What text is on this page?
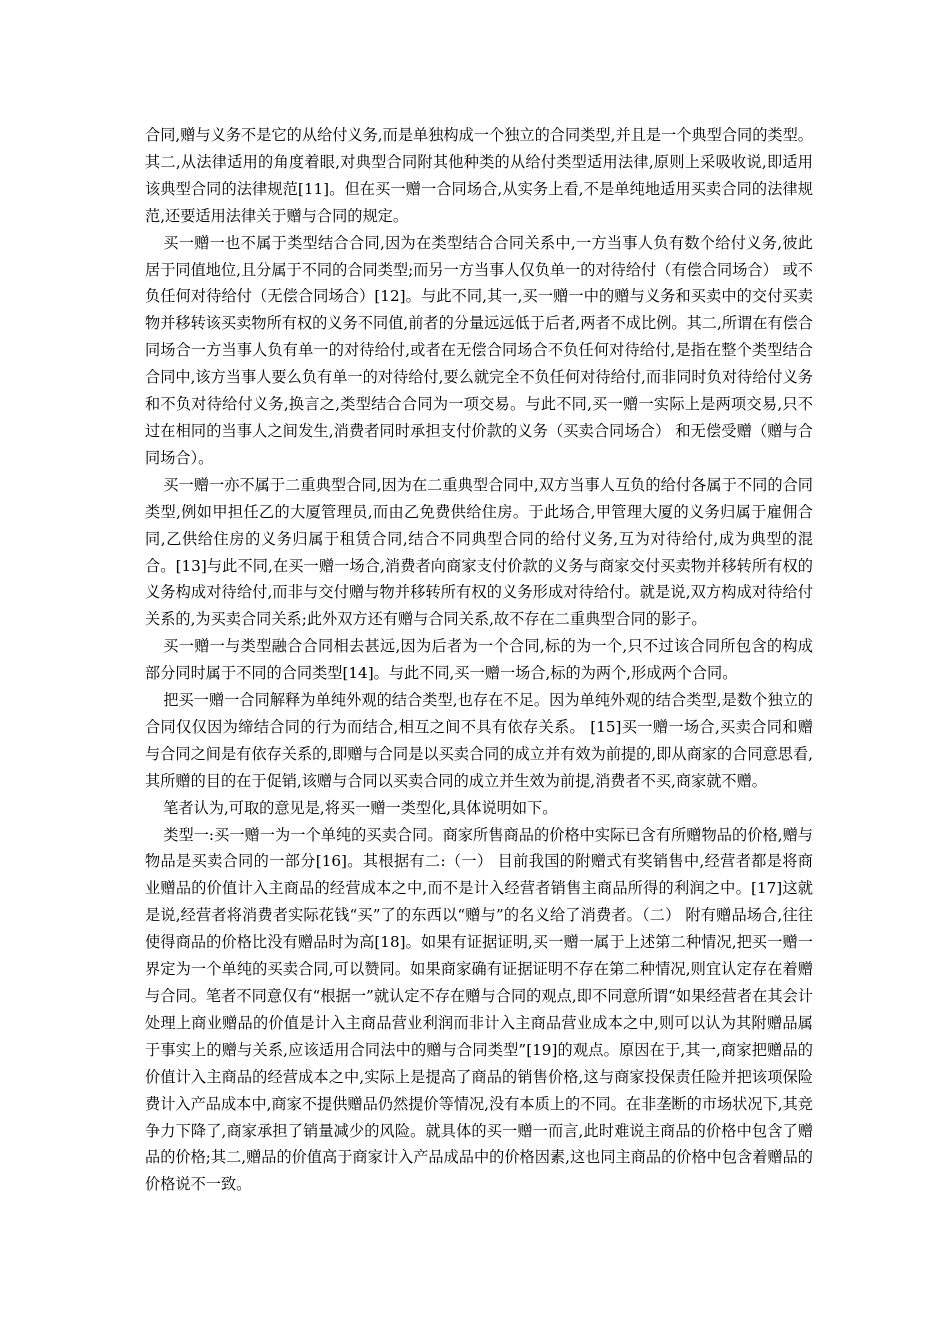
合同,赠与义务不是它的从给付义务,而是单独构成一个独立的合同类型,并且是一个典型合同的类型。其二,从法律适用的角度着眼,对典型合同附其他种类的从给付类型适用法律,原则上采吸收说,即适用该典型合同的法律规范[11]。但在买一赠一合同场合,从实务上看,不是单纯地适用买卖合同的法律规范,还要适用法律关于赠与合同的规定。

买一赠一也不属于类型结合合同,因为在类型结合合同关系中,一方当事人负有数个给付义务,彼此居于同值地位,且分属于不同的合同类型;而另一方当事人仅负单一的对待给付（有偿合同场合） 或不负任何对待给付（无偿合同场合）[12]。与此不同,其一,买一赠一中的赠与义务和买卖中的交付买卖物并移转该买卖物所有权的义务不同值,前者的分量远远低于后者,两者不成比例。其二,所谓在有偿合同场合一方当事人负有单一的对待给付,或者在无偿合同场合不负任何对待给付,是指在整个类型结合合同中,该方当事人要么负有单一的对待给付,要么就完全不负任何对待给付,而非同时负对待给付义务和不负对待给付义务,换言之,类型结合合同为一项交易。与此不同,买一赠一实际上是两项交易,只不过在相同的当事人之间发生,消费者同时承担支付价款的义务（买卖合同场合） 和无偿受赠（赠与合同场合）。

买一赠一亦不属于二重典型合同,因为在二重典型合同中,双方当事人互负的给付各属于不同的合同类型,例如甲担任乙的大厦管理员,而由乙免费供给住房。于此场合,甲管理大厦的义务归属于雇佣合同,乙供给住房的义务归属于租赁合同,结合不同典型合同的给付义务,互为对待给付,成为典型的混合。[13]与此不同,在买一赠一场合,消费者向商家支付价款的义务与商家交付买卖物并移转所有权的义务构成对待给付,而非与交付赠与物并移转所有权的义务形成对待给付。就是说,双方构成对待给付关系的,为买卖合同关系;此外双方还有赠与合同关系,故不存在二重典型合同的影子。

买一赠一与类型融合合同相去甚远,因为后者为一个合同,标的为一个,只不过该合同所包含的构成部分同时属于不同的合同类型[14]。与此不同,买一赠一场合,标的为两个,形成两个合同。

把买一赠一合同解释为单纯外观的结合类型,也存在不足。因为单纯外观的结合类型,是数个独立的合同仅仅因为缔结合同的行为而结合,相互之间不具有依存关系。 [15]买一赠一场合,买卖合同和赠与合同之间是有依存关系的,即赠与合同是以买卖合同的成立并有效为前提的,即从商家的合同意思看,其所赠的目的在于促销,该赠与合同以买卖合同的成立并生效为前提,消费者不买,商家就不赠。

笔者认为,可取的意见是,将买一赠一类型化,具体说明如下。

类型一:买一赠一为一个单纯的买卖合同。商家所售商品的价格中实际已含有所赠物品的价格,赠与物品是买卖合同的一部分[16]。其根据有二:（一） 目前我国的附赠式有奖销售中,经营者都是将商业赠品的价值计入主商品的经营成本之中,而不是计入经营者销售主商品所得的利润之中。[17]这就是说,经营者将消费者实际花钱“买”了的东西以“赠与”的名义给了消费者。（二） 附有赠品场合,往往使得商品的价格比没有赠品时为高[18]。如果有证据证明,买一赠一属于上述第二种情况,把买一赠一界定为一个单纯的买卖合同,可以赞同。如果商家确有证据证明不存在第二种情况,则宜认定存在着赠与合同。笔者不同意仅有“根据一”就认定不存在赠与合同的观点,即不同意所谓“如果经营者在其会计处理上商业赠品的价值是计入主商品营业利润而非计入主商品营业成本之中,则可以认为其附赠品属于事实上的赠与关系,应该适用合同法中的赠与合同类型”[19]的观点。原因在于,其一,商家把赠品的价值计入主商品的经营成本之中,实际上是提高了商品的销售价格,这与商家投保责任险并把该项保险费计入产品成本中,商家不提供赠品仍然提价等情况,没有本质上的不同。在非垄断的市场状况下,其竞争力下降了,商家承担了销量减少的风险。就具体的买一赠一而言,此时难说主商品的价格中包含了赠品的价格;其二,赠品的价值高于商家计入产品成品中的价格因素,这也同主商品的价格中包含着赠品的价格说不一致。
